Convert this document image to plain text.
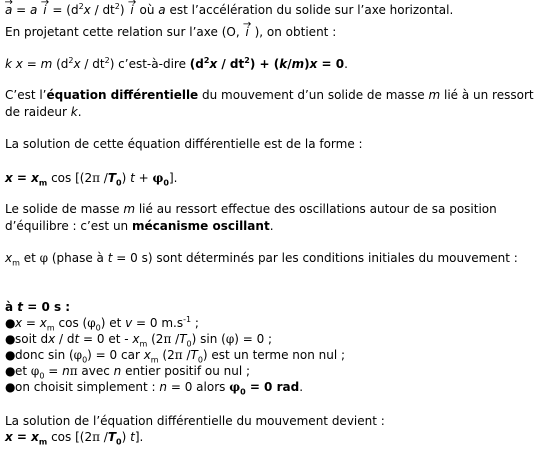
→ $a = a \to i = (d^2x / dt^2) \to i$ où a est l’accélération du solide sur l’axe horizontal.
En projetant cette relation sur l’axe (O, → i ), on obtient :
k x = m $(d^2x / dt^2)$ c’est-à-dire $(d^2x / dt^2) + (k/m)x = 0$.
C’est l’équation différentielle du mouvement d’un solide de masse m lié à un ressort de raideur k.
La solution de cette équation différentielle est de la forme :
$x = x_m$ cos [(2π $/T_0$) $t + \varphi_0$].
Le solide de masse m lié au ressort effectue des oscillations autour de sa position d’équilibre : c’est un mécanisme oscillant.
$x_m$ et φ (phase à t = 0 s) sont déterminés par les conditions initiales du mouvement :
à t = 0 s :
●x = $x_m$ $\cos (\varphi_0)$ et v = 0 $m.s^{-1}$ ;
●soit dx / dt = 0 et - $x_m$ (2π $/T_0$) sin (φ) = 0 ;
●donc $\sin (\varphi_0) = 0$ car $x_m$ (2π $/T_0$) est un terme non nul ;
●et $\varphi_0 = n\pi$ avec n entier positif ou nul ;
●on choisit simplement : n = 0 alors $\varphi_0 = 0$ rad.
La solution de l’équation différentielle du mouvement devient :
$x = x_m$ cos [(2π $/T_0$) t].
